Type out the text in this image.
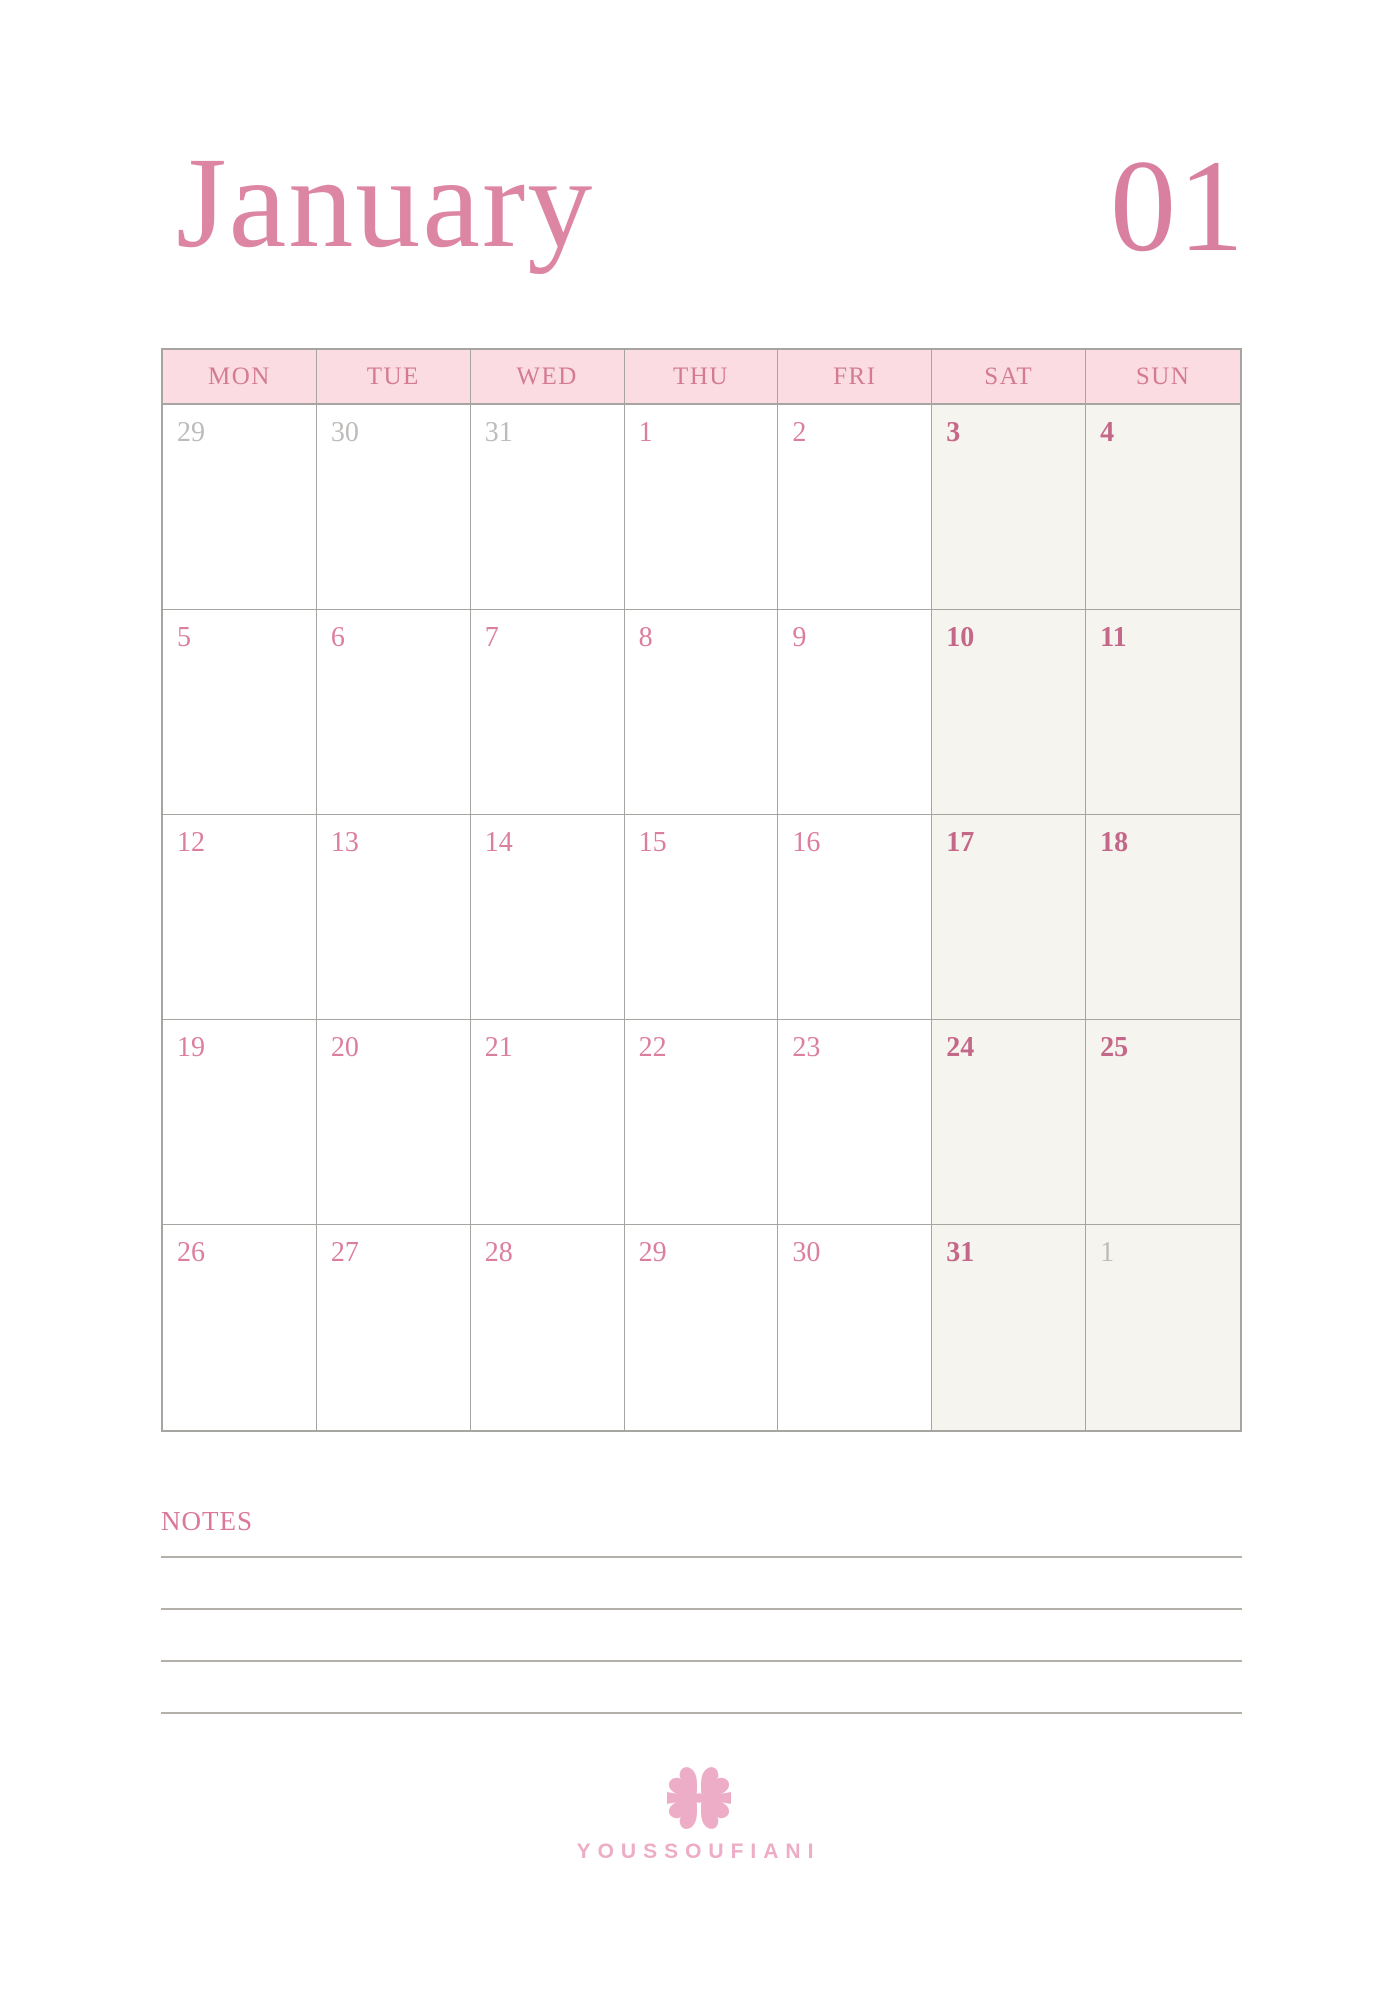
January	01
MON	TUE	WED	THU	FRI	SAT	SUN
29	30	31	1	2	3	4
5	6	7	8	9	10	11
12	13	14	15	16	17	18
19	20	21	22	23	24	25
26	27	28	29	30	31	1
NOTES
YOUSSOUFIANI
